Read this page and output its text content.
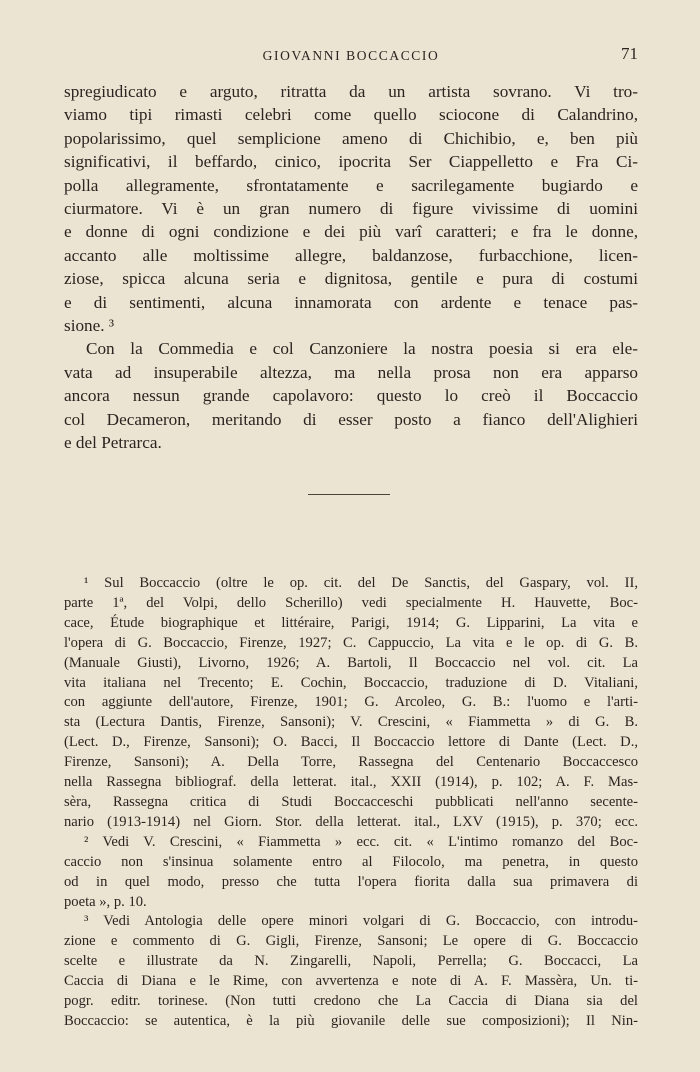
GIOVANNI BOCCACCIO	71
spregiudicato e arguto, ritratta da un artista sovrano. Vi tro-
viamo tipi rimasti celebri come quello sciocone di Calandrino,
popolarissimo, quel semplicione ameno di Chichibio, e, ben più
significativi, il beffardo, cinico, ipocrita Ser Ciappelletto e Fra Ci-
polla allegramente, sfrontatamente e sacrilegamente bugiardo e
ciurmatore. Vi è un gran numero di figure vivissime di uomini
e donne di ogni condizione e dei più varî caratteri; e fra le donne,
accanto alle moltissime allegre, baldanzose, furbacchione, licen-
ziose, spicca alcuna seria e dignitosa, gentile e pura di costumi
e di sentimenti, alcuna innamorata con ardente e tenace pas-
sione. ³
Con la Commedia e col Canzoniere la nostra poesia si era ele-
vata ad insuperabile altezza, ma nella prosa non era apparso
ancora nessun grande capolavoro: questo lo creò il Boccaccio
col Decameron, meritando di esser posto a fianco dell'Alighieri
e del Petrarca.
¹ Sul Boccaccio (oltre le op. cit. del De Sanctis, del Gaspary, vol. II,
parte 1ª, del Volpi, dello Scherillo) vedi specialmente H. Hauvette, Boc-
cace, Étude biographique et littéraire, Parigi, 1914; G. Lipparini, La vita e
l'opera di G. Boccaccio, Firenze, 1927; C. Cappuccio, La vita e le op. di G. B.
(Manuale Giusti), Livorno, 1926; A. Bartoli, Il Boccaccio nel vol. cit. La
vita italiana nel Trecento; E. Cochin, Boccaccio, traduzione di D. Vitaliani,
con aggiunte dell'autore, Firenze, 1901; G. Arcoleo, G. B.: l'uomo e l'arti-
sta (Lectura Dantis, Firenze, Sansoni); V. Crescini, « Fiammetta » di G. B.
(Lect. D., Firenze, Sansoni); O. Bacci, Il Boccaccio lettore di Dante (Lect. D.,
Firenze, Sansoni); A. Della Torre, Rassegna del Centenario Boccaccesco
nella Rassegna bibliograf. della letterat. ital., XXII (1914), p. 102; A. F. Mas-
sèra, Rassegna critica di Studi Boccacceschi pubblicati nell'anno secente-
nario (1913-1914) nel Giorn. Stor. della letterat. ital., LXV (1915), p. 370; ecc.
² Vedi V. Crescini, « Fiammetta » ecc. cit. « L'intimo romanzo del Boc-
caccio non s'insinua solamente entro al Filocolo, ma penetra, in questo
od in quel modo, presso che tutta l'opera fiorita dalla sua primavera di
poeta », p. 10.
³ Vedi Antologia delle opere minori volgari di G. Boccaccio, con introdu-
zione e commento di G. Gigli, Firenze, Sansoni; Le opere di G. Boccaccio
scelte e illustrate da N. Zingarelli, Napoli, Perrella; G. Boccacci, La
Caccia di Diana e le Rime, con avvertenza e note di A. F. Massèra, Un. ti-
pogr. editr. torinese. (Non tutti credono che La Caccia di Diana sia del
Boccaccio: se autentica, è la più giovanile delle sue composizioni); Il Nin-
